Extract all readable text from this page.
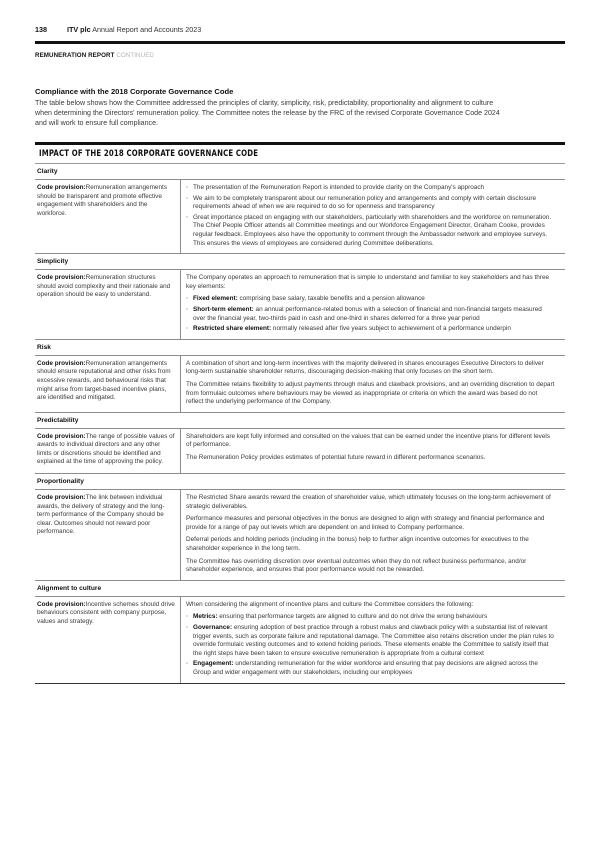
138	ITV plc Annual Report and Accounts 2023
REMUNERATION REPORT CONTINUED
Compliance with the 2018 Corporate Governance Code

The table below shows how the Committee addressed the principles of clarity, simplicity, risk, predictability, proportionality and alignment to culture when determining the Directors' remuneration policy. The Committee notes the release by the FRC of the revised Corporate Governance Code 2024 and will work to ensure full compliance.

IMPACT OF THE 2018 CORPORATE GOVERNANCE CODE
Clarity
Code provision:Remuneration arrangements should be transparent and promote effective engagement with shareholders and the workforce.
· The presentation of the Remuneration Report is intended to provide clarity on the Company's approach
· We aim to be completely transparent about our remuneration policy and arrangements and comply with certain disclosure requirements ahead of when we are required to do so for openness and transparency
· Great importance placed on engaging with our stakeholders, particularly with shareholders and the workforce on remuneration. The Chief People Officer attends all Committee meetings and our Workforce Engagement Director, Graham Cooke, provides regular feedback. Employees also have the opportunity to comment through the Ambassador network and employee surveys. This ensures the views of employees are considered during Committee deliberations.
Simplicity
Code provision:Remuneration structures should avoid complexity and their rationale and operation should be easy to understand.

The Company operates an approach to remuneration that is simple to understand and familiar to key stakeholders and has three key elements:

· Fixed element: comprising base salary, taxable benefits and a pension allowance
· Short-term element: an annual performance-related bonus with a selection of financial and non-financial targets measured over the financial year, two-thirds paid in cash and one-third in shares deferred for a three year period
· Restricted share element: normally released after five years subject to achievement of a performance underpin
Risk
Code provision:Remuneration arrangements should ensure reputational and other risks from excessive rewards, and behavioural risks that might arise from target-based incentive plans, are identified and mitigated.

A combination of short and long-term incentives with the majority delivered in shares encourages Executive Directors to deliver long-term sustainable shareholder returns, discouraging decision-making that only focuses on the short term.

The Committee retains flexibility to adjust payments through malus and clawback provisions, and an overriding discretion to depart from formulaic outcomes where behaviours may be viewed as inappropriate or criteria on which the award was based do not reflect the underlying performance of the Company.

Predictability
Code provision:The range of possible values of awards to individual directors and any other limits or discretions should be identified and explained at the time of approving the policy.

Shareholders are kept fully informed and consulted on the values that can be earned under the incentive plans for different levels of performance.

The Remuneration Policy provides estimates of potential future reward in different performance scenarios.

Proportionality
Code provision:The link between individual awards, the delivery of strategy and the long-term performance of the Company should be clear. Outcomes should not reward poor performance.

The Restricted Share awards reward the creation of shareholder value, which ultimately focuses on the long-term achievement of strategic deliverables.

Performance measures and personal objectives in the bonus are designed to align with strategy and financial performance and provide for a range of pay out levels which are dependent on and linked to Company performance.

Deferral periods and holding periods (including in the bonus) help to further align incentive outcomes for executives to the shareholder experience in the long term.

The Committee has overriding discretion over eventual outcomes when they do not reflect business performance, and/or shareholder experience, and ensures that poor performance would not be rewarded.

Alignment to culture
Code provision:Incentive schemes should drive behaviours consistent with company purpose, values and strategy.

When considering the alignment of incentive plans and culture the Committee considers the following:

· Metrics: ensuring that performance targets are aligned to culture and do not drive the wrong behaviours
· Governance: ensuring adoption of best practice through a robust malus and clawback policy with a substantial list of relevant trigger events, such as corporate failure and reputational damage. The Committee also retains discretion under the plan rules to override formulaic vesting outcomes and to extend holding periods. These elements enable the Committee to satisfy itself that the right steps have been taken to ensure executive remuneration is appropriate from a cultural context
· Engagement: understanding remuneration for the wider workforce and ensuring that pay decisions are aligned across the Group and wider engagement with our stakeholders, including our employees
